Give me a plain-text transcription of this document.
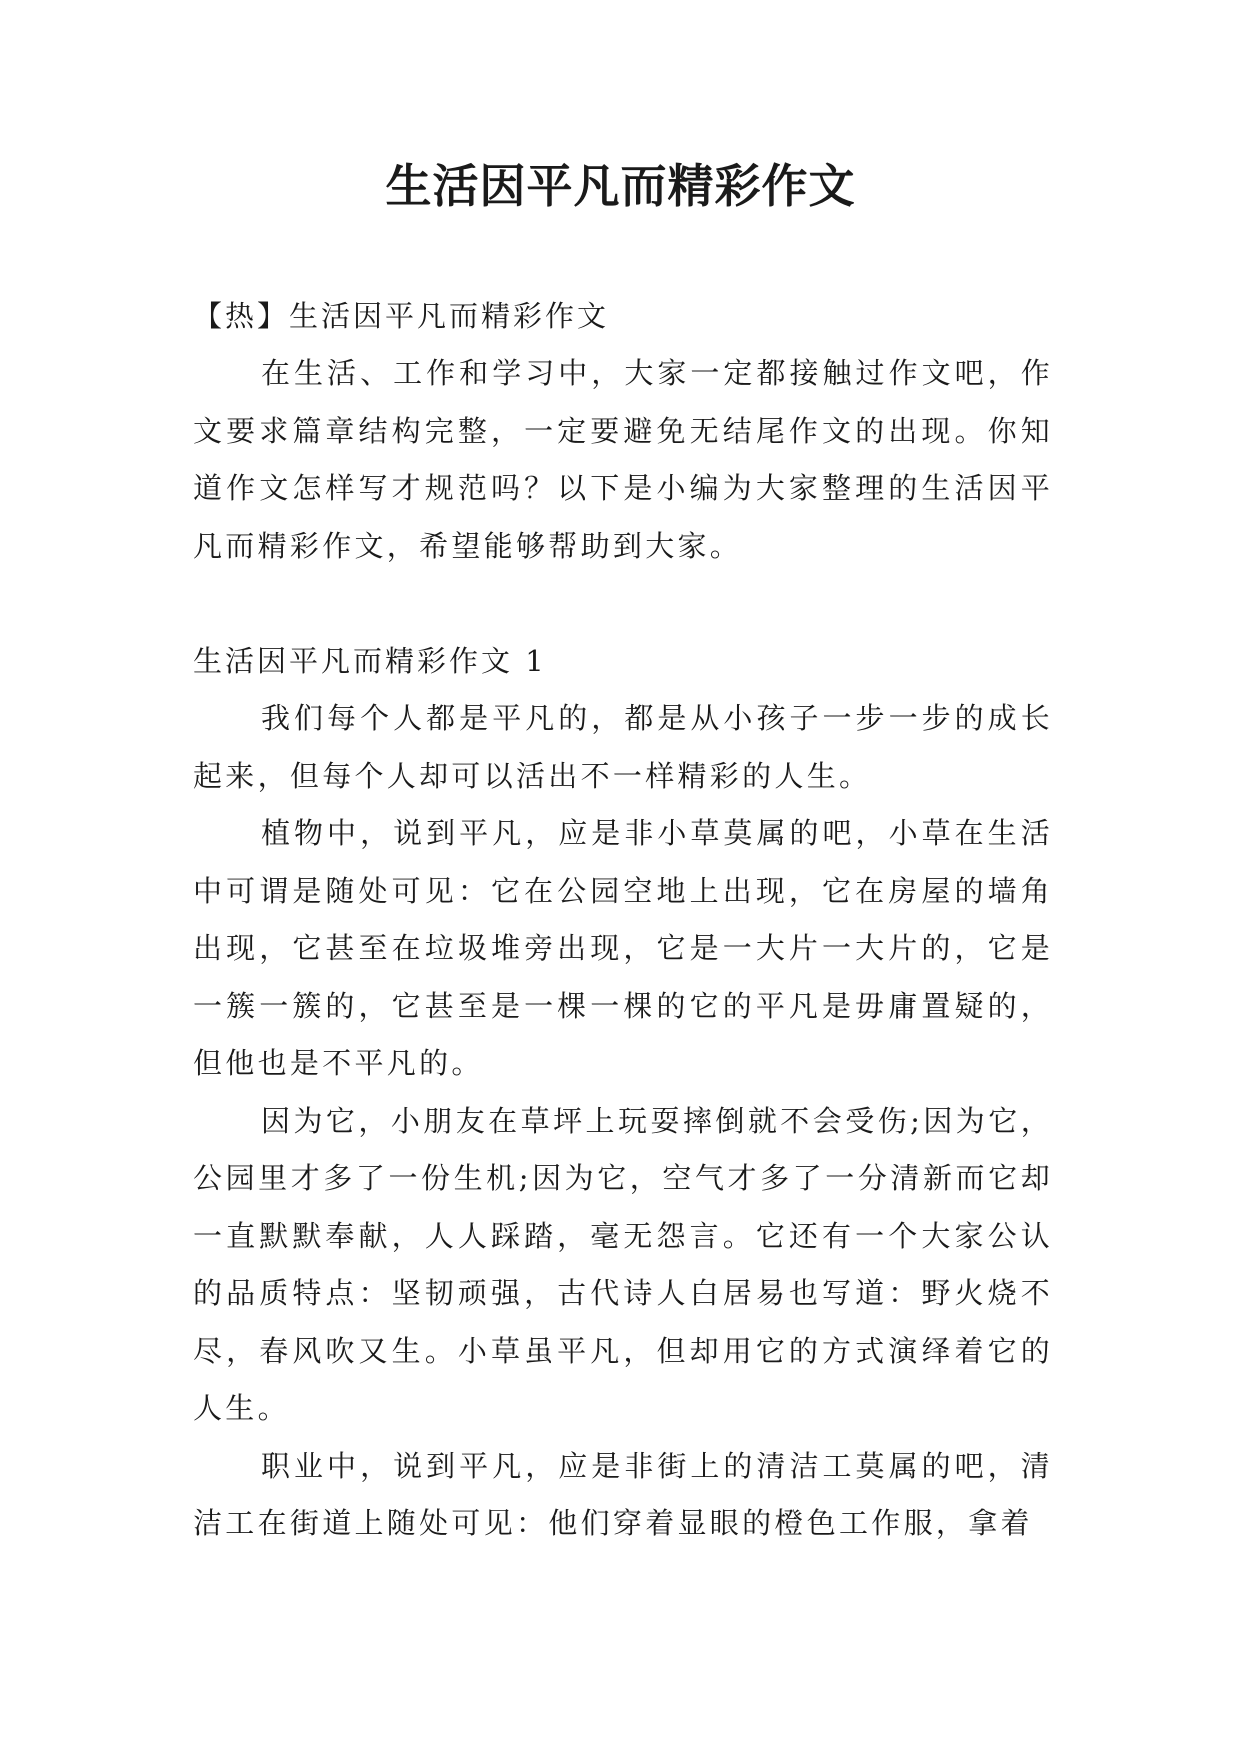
生活因平凡而精彩作文

【热】生活因平凡而精彩作文

在生活、工作和学习中，大家一定都接触过作文吧，作文要求篇章结构完整，一定要避免无结尾作文的出现。你知道作文怎样写才规范吗？以下是小编为大家整理的生活因平凡而精彩作文，希望能够帮助到大家。

生活因平凡而精彩作文 1

我们每个人都是平凡的，都是从小孩子一步一步的成长起来，但每个人却可以活出不一样精彩的人生。

植物中，说到平凡，应是非小草莫属的吧，小草在生活中可谓是随处可见：它在公园空地上出现，它在房屋的墙角出现，它甚至在垃圾堆旁出现，它是一大片一大片的，它是一簇一簇的，它甚至是一棵一棵的它的平凡是毋庸置疑的，但他也是不平凡的。

因为它，小朋友在草坪上玩耍摔倒就不会受伤;因为它，公园里才多了一份生机;因为它，空气才多了一分清新而它却一直默默奉献，人人踩踏，毫无怨言。它还有一个大家公认的品质特点：坚韧顽强，古代诗人白居易也写道：野火烧不尽，春风吹又生。小草虽平凡，但却用它的方式演绎着它的人生。

职业中，说到平凡，应是非街上的清洁工莫属的吧，清洁工在街道上随处可见：他们穿着显眼的橙色工作服，拿着
